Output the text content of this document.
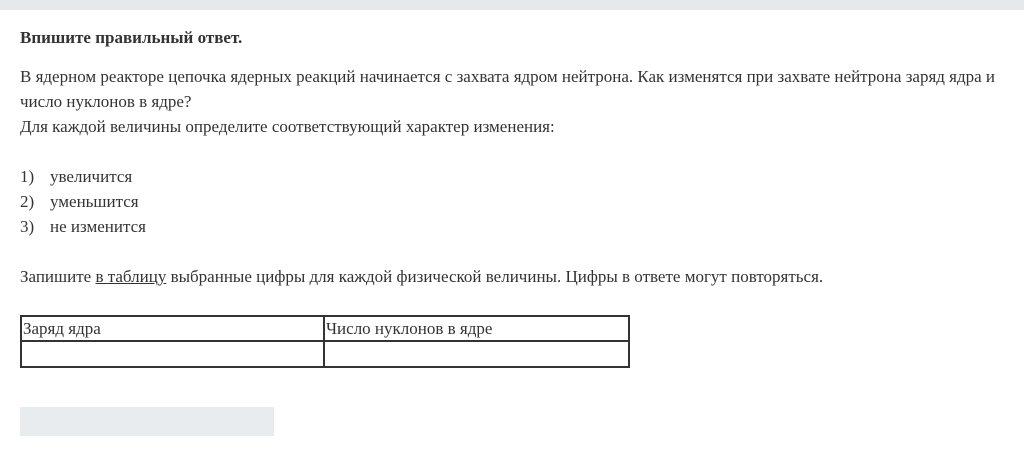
Впишите правильный ответ.

В ядерном реакторе цепочка ядерных реакций начинается с захвата ядром нейтрона. Как изменятся при захвате нейтрона заряд ядра и число нуклонов в ядре?

Для каждой величины определите соответствующий характер изменения:

1) увеличится
2) уменьшится
3) не изменится

Запишите в таблицу выбранные цифры для каждой физической величины. Цифры в ответе могут повторяться.

Заряд ядра	Число нуклонов в ядре
